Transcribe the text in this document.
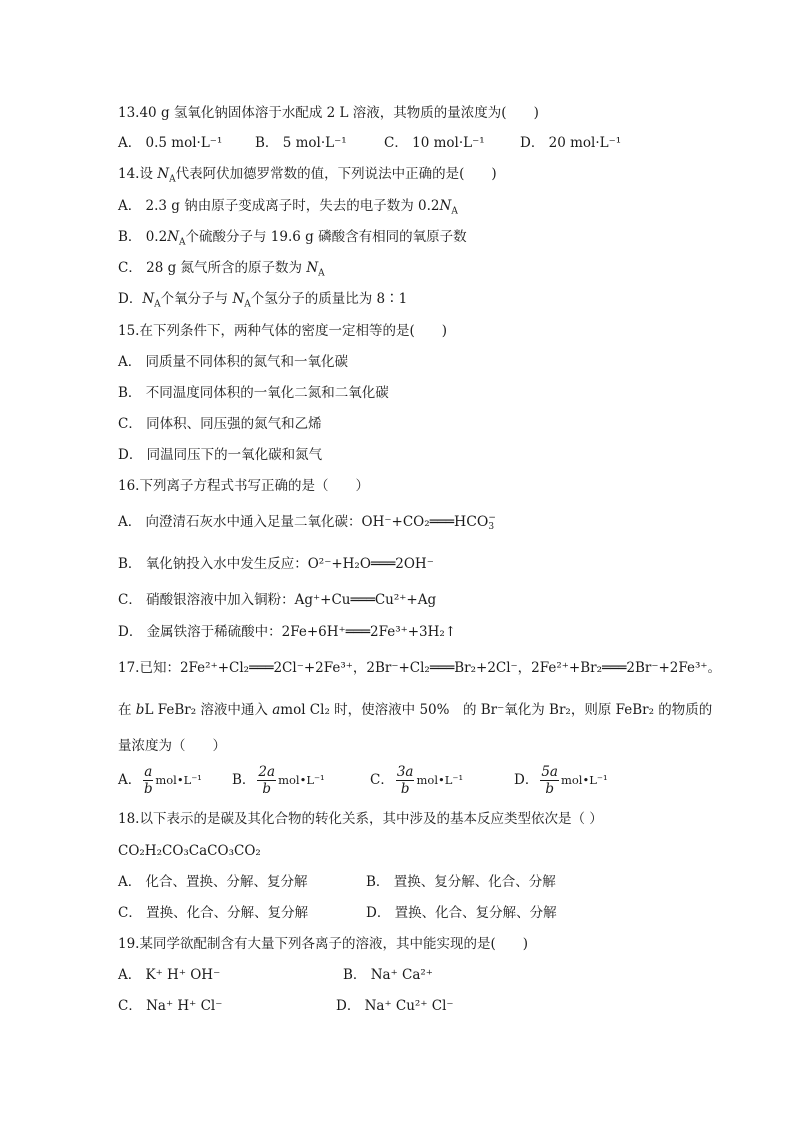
13.40 g 氢氧化钠固体溶于水配成 2 L 溶液，其物质的量浓度为(　　)
A． 0.5 mol·L⁻¹ B． 5 mol·L⁻¹	C． 10 mol·L⁻¹	D． 20 mol·L⁻¹
14.设 $N_A$代表阿伏加德罗常数的值，下列说法中正确的是(　　)
A． 2.3 g 钠由原子变成离子时，失去的电子数为 $0.2N_A$
B． $0.2N_A$个硫酸分子与 19.6 g 磷酸含有相同的氧原子数
C． 28 g 氮气所含的原子数为 $N_A$
D．$N_A$个氧分子与 $N_A$个氢分子的质量比为 8∶1
15.在下列条件下，两种气体的密度一定相等的是(　　)
A． 同质量不同体积的氮气和一氧化碳
B． 不同温度同体积的一氧化二氮和二氧化碳
C． 同体积、同压强的氮气和乙烯
D． 同温同压下的一氧化碳和氮气
16.下列离子方程式书写正确的是（　　）
A． 向澄清石灰水中通入足量二氧化碳：OH⁻+CO₂═══HCO −
3
B． 氧化钠投入水中发生反应：O²⁻+H₂O═══2OH⁻
C． 硝酸银溶液中加入铜粉：Ag⁺+Cu═══Cu²⁺+Ag
D． 金属铁溶于稀硫酸中：2Fe+6H⁺═══2Fe³⁺+3H₂↑
17.已知：2Fe²⁺+Cl₂═══2Cl⁻+2Fe³⁺，2Br⁻+Cl₂═══Br₂+2Cl⁻，2Fe²⁺+Br₂═══2Br⁻+2Fe³⁺。
在 bL FeBr₂ 溶液中通入 amol Cl₂ 时，使溶液中 50%　的 Br⁻氧化为 Br₂，则原 FeBr₂ 的物质的
量浓度为（　　）
A． $\frac{a}{b}$ mol•L⁻¹ B． $\frac{2a}{b}$ mol•L⁻¹	C． $\frac{3a}{b}$ mol•L⁻¹	D． $\frac{5a}{b}$ mol•L⁻¹
18.以下表示的是碳及其化合物的转化关系，其中涉及的基本反应类型依次是（ ）
CO₂H₂CO₃CaCO₃CO₂
A． 化合、置换、分解、复分解	B． 置换、复分解、化合、分解
C． 置换、化合、分解、复分解	D． 置换、化合、复分解、分解
19.某同学欲配制含有大量下列各离子的溶液，其中能实现的是(　　)
A． K⁺ H⁺ OH⁻	B． Na⁺ Ca²⁺
C． Na⁺ H⁺ Cl⁻	D． Na⁺ Cu²⁺ Cl⁻
